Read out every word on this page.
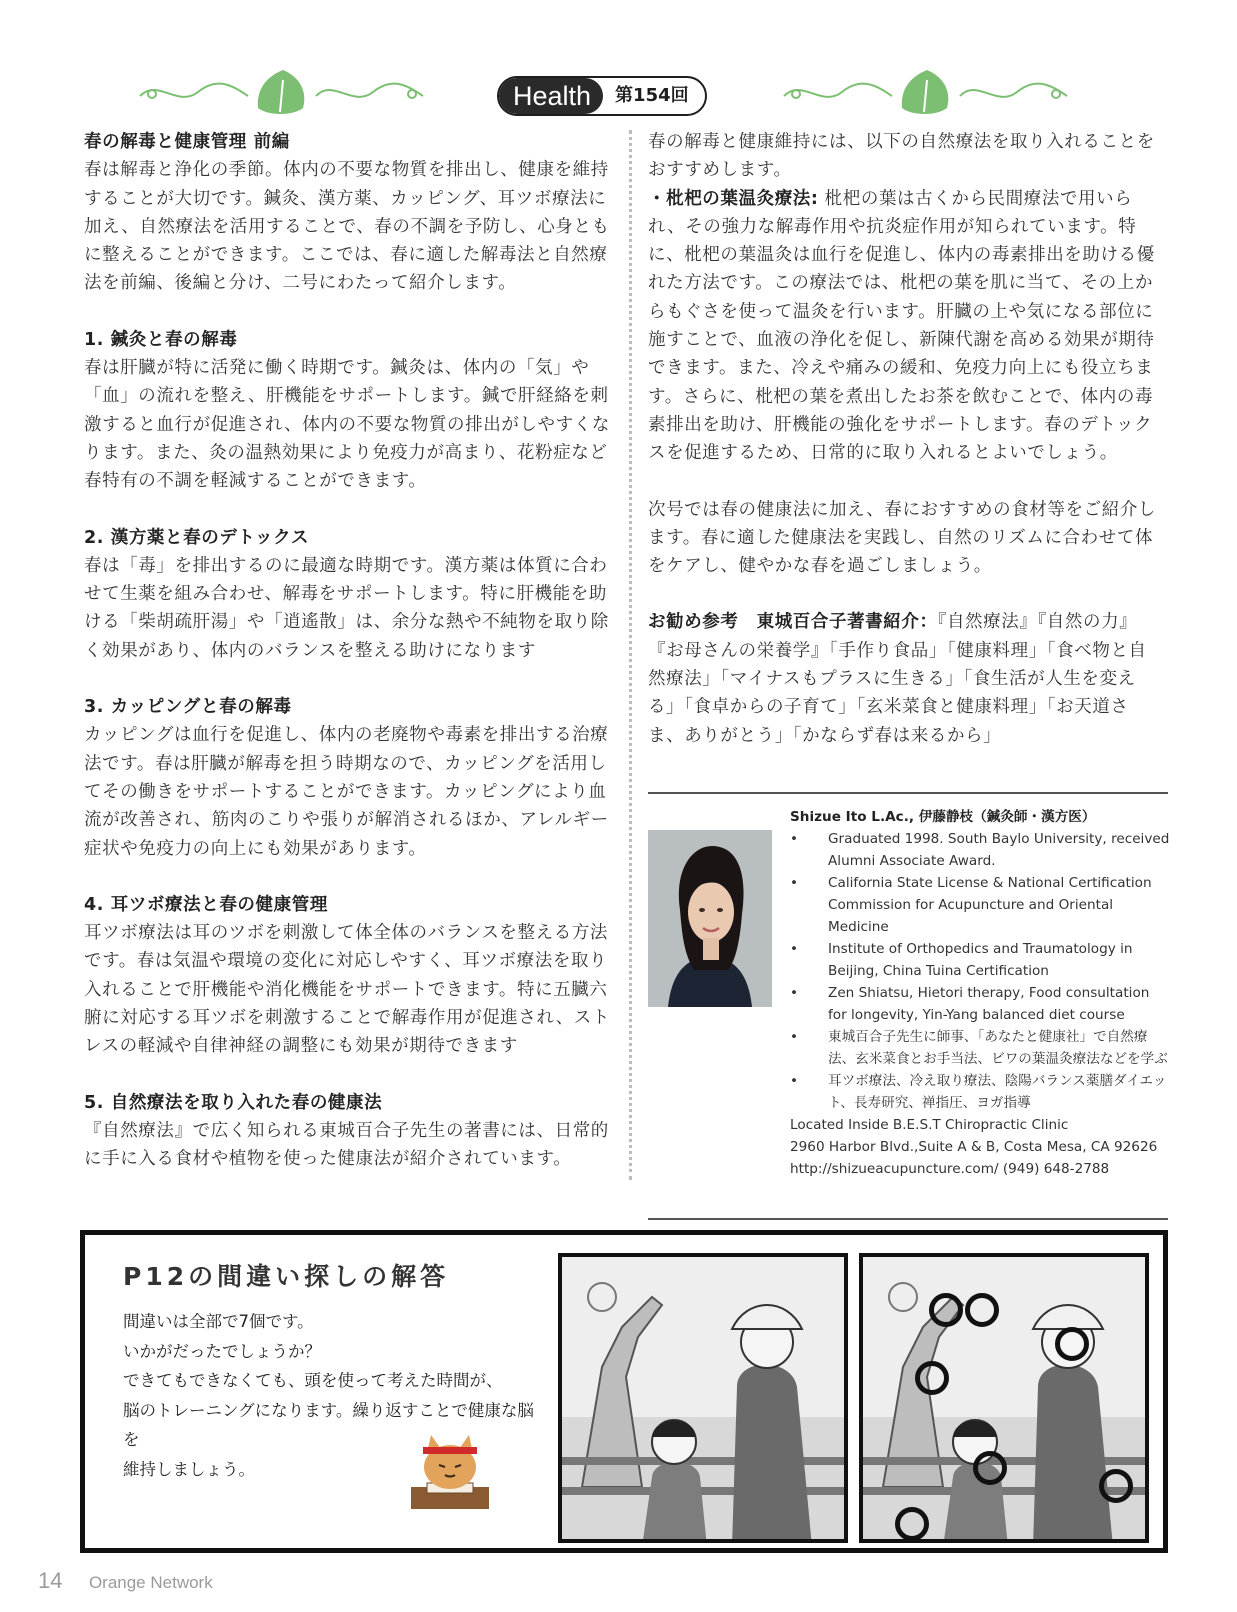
Health	第154回
春の解毒と健康管理 前編

春は解毒と浄化の季節。体内の不要な物質を排出し、健康を維持することが大切です。鍼灸、漢方薬、カッピング、耳ツボ療法に加え、自然療法を活用することで、春の不調を予防し、心身ともに整えることができます。ここでは、春に適した解毒法と自然療法を前編、後編と分け、二号にわたって紹介します。

1. 鍼灸と春の解毒

春は肝臓が特に活発に働く時期です。鍼灸は、体内の「気」や「血」の流れを整え、肝機能をサポートします。鍼で肝経絡を刺激すると血行が促進され、体内の不要な物質の排出がしやすくなります。また、灸の温熱効果により免疫力が高まり、花粉症など春特有の不調を軽減することができます。

2. 漢方薬と春のデトックス

春は「毒」を排出するのに最適な時期です。漢方薬は体質に合わせて生薬を組み合わせ、解毒をサポートします。特に肝機能を助ける「柴胡疏肝湯」や「逍遙散」は、余分な熱や不純物を取り除く効果があり、体内のバランスを整える助けになります

3. カッピングと春の解毒

カッピングは血行を促進し、体内の老廃物や毒素を排出する治療法です。春は肝臓が解毒を担う時期なので、カッピングを活用してその働きをサポートすることができます。カッピングにより血流が改善され、筋肉のこりや張りが解消されるほか、アレルギー症状や免疫力の向上にも効果があります。

4. 耳ツボ療法と春の健康管理

耳ツボ療法は耳のツボを刺激して体全体のバランスを整える方法です。春は気温や環境の変化に対応しやすく、耳ツボ療法を取り入れることで肝機能や消化機能をサポートできます。特に五臓六腑に対応する耳ツボを刺激することで解毒作用が促進され、ストレスの軽減や自律神経の調整にも効果が期待できます

5. 自然療法を取り入れた春の健康法

『自然療法』で広く知られる東城百合子先生の著書には、日常的に手に入る食材や植物を使った健康法が紹介されています。

春の解毒と健康維持には、以下の自然療法を取り入れることをおすすめします。

・枇杷の葉温灸療法: 枇杷の葉は古くから民間療法で用いられ、その強力な解毒作用や抗炎症作用が知られています。特に、枇杷の葉温灸は血行を促進し、体内の毒素排出を助ける優れた方法です。この療法では、枇杷の葉を肌に当て、その上からもぐさを使って温灸を行います。肝臓の上や気になる部位に施すことで、血液の浄化を促し、新陳代謝を高める効果が期待できます。また、冷えや痛みの緩和、免疫力向上にも役立ちます。さらに、枇杷の葉を煮出したお茶を飲むことで、体内の毒素排出を助け、肝機能の強化をサポートします。春のデトックスを促進するため、日常的に取り入れるとよいでしょう。

次号では春の健康法に加え、春におすすめの食材等をご紹介します。春に適した健康法を実践し、自然のリズムに合わせて体をケアし、健やかな春を過ごしましょう。

お勧め参考　東城百合子著書紹介：『自然療法』『自然の力』『お母さんの栄養学』「手作り食品」「健康料理」「食べ物と自然療法」「マイナスもプラスに生きる」「食生活が人生を変える」「食卓からの子育て」「玄米菜食と健康料理」「お天道さま、ありがとう」「かならず春は来るから」

Shizue Ito L.Ac., 伊藤静枝（鍼灸師・漢方医）
• Graduated 1998. South Baylo University, received Alumni Associate Award.
• California State License & National Certification Commission for Acupuncture and Oriental Medicine
• Institute of Orthopedics and Traumatology in Beijing, China Tuina Certification
• Zen Shiatsu, Hietori therapy, Food consultation for longevity, Yin-Yang balanced diet course
• 東城百合子先生に師事、「あなたと健康社」で自然療法、玄米菜食とお手当法、ビワの葉温灸療法などを学ぶ
• 耳ツボ療法、冷え取り療法、陰陽バランス薬膳ダイエット、長寿研究、禅指圧、ヨガ指導
Located Inside B.E.S.T Chiropractic Clinic
2960 Harbor Blvd.,Suite A & B, Costa Mesa, CA 92626
http://shizueacupuncture.com/ (949) 648-2788
P12の間違い探しの解答
間違いは全部で7個です。
いかがだったでしょうか？
できてもできなくても、頭を使って考えた時間が、
脳のトレーニングになります。繰り返すことで健康な脳を
維持しましょう。
14 Orange Network
